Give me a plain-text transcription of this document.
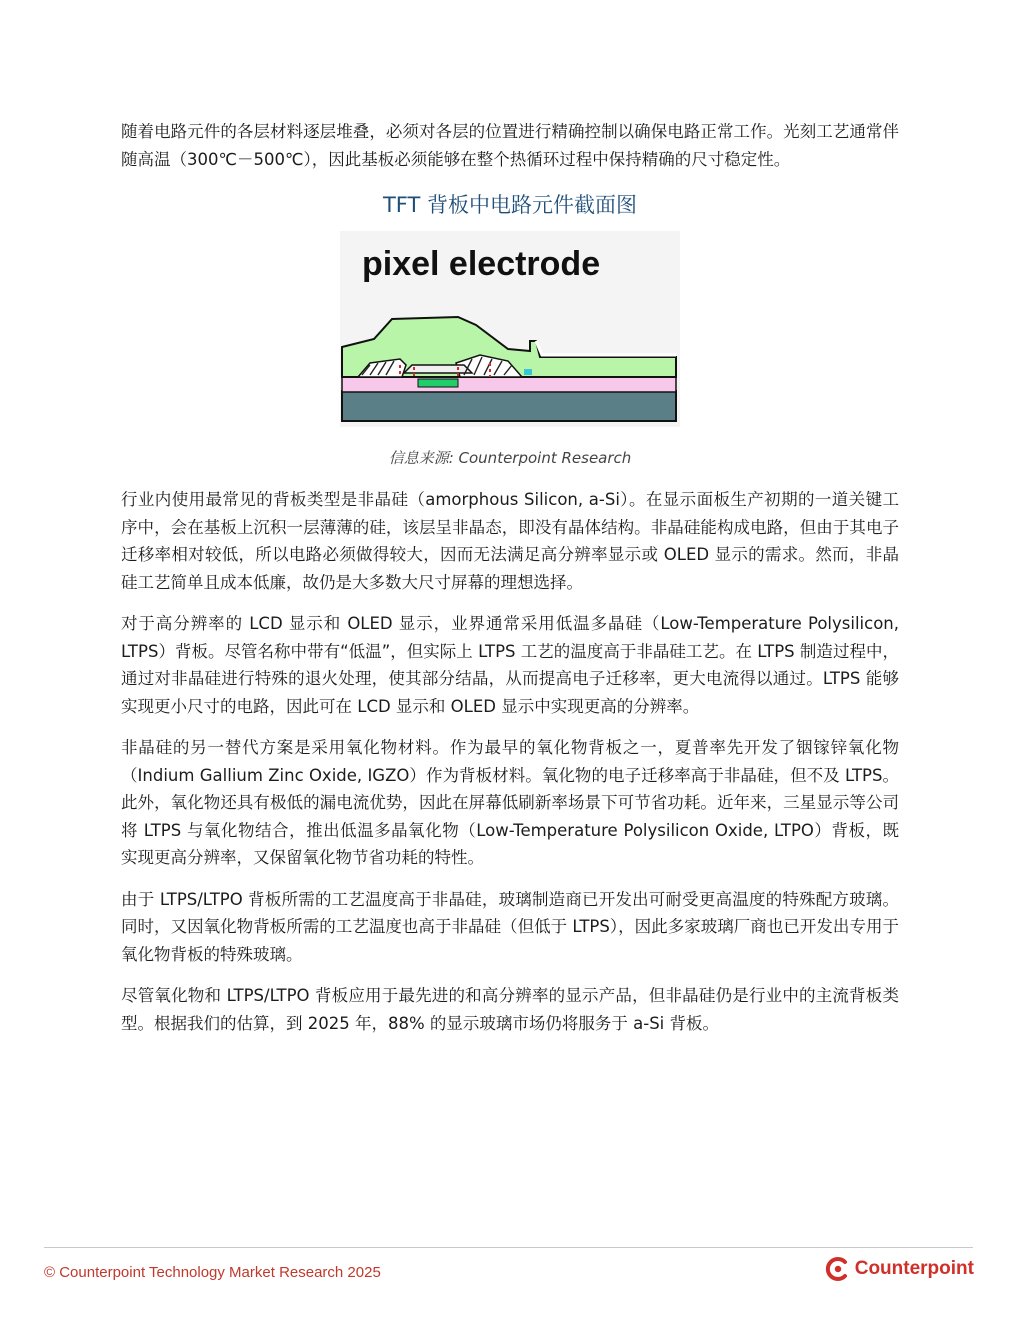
随着电路元件的各层材料逐层堆叠，必须对各层的位置进行精确控制以确保电路正常工作。光刻工艺通常伴随高温（300℃－500℃），因此基板必须能够在整个热循环过程中保持精确的尺寸稳定性。

TFT 背板中电路元件截面图
pixel electrode
信息来源: Counterpoint Research

行业内使用最常见的背板类型是非晶硅（amorphous Silicon, a-Si）。在显示面板生产初期的一道关键工序中，会在基板上沉积一层薄薄的硅，该层呈非晶态，即没有晶体结构。非晶硅能构成电路，但由于其电子迁移率相对较低，所以电路必须做得较大，因而无法满足高分辨率显示或 OLED 显示的需求。然而，非晶硅工艺简单且成本低廉，故仍是大多数大尺寸屏幕的理想选择。

对于高分辨率的 LCD 显示和 OLED 显示，业界通常采用低温多晶硅（Low-Temperature Polysilicon, LTPS）背板。尽管名称中带有“低温”，但实际上 LTPS 工艺的温度高于非晶硅工艺。在 LTPS 制造过程中，通过对非晶硅进行特殊的退火处理，使其部分结晶，从而提高电子迁移率，更大电流得以通过。LTPS 能够实现更小尺寸的电路，因此可在 LCD 显示和 OLED 显示中实现更高的分辨率。

非晶硅的另一替代方案是采用氧化物材料。作为最早的氧化物背板之一，夏普率先开发了铟镓锌氧化物（Indium Gallium Zinc Oxide, IGZO）作为背板材料。氧化物的电子迁移率高于非晶硅，但不及 LTPS。此外，氧化物还具有极低的漏电流优势，因此在屏幕低刷新率场景下可节省功耗。近年来，三星显示等公司将 LTPS 与氧化物结合，推出低温多晶氧化物（Low-Temperature Polysilicon Oxide, LTPO）背板，既实现更高分辨率，又保留氧化物节省功耗的特性。

由于 LTPS/LTPO 背板所需的工艺温度高于非晶硅，玻璃制造商已开发出可耐受更高温度的特殊配方玻璃。同时，又因氧化物背板所需的工艺温度也高于非晶硅（但低于 LTPS），因此多家玻璃厂商也已开发出专用于氧化物背板的特殊玻璃。

尽管氧化物和 LTPS/LTPO 背板应用于最先进的和高分辨率的显示产品，但非晶硅仍是行业中的主流背板类型。根据我们的估算，到 2025 年，88% 的显示玻璃市场仍将服务于 a-Si 背板。

© Counterpoint Technology Market Research 2025	Counterpoint
